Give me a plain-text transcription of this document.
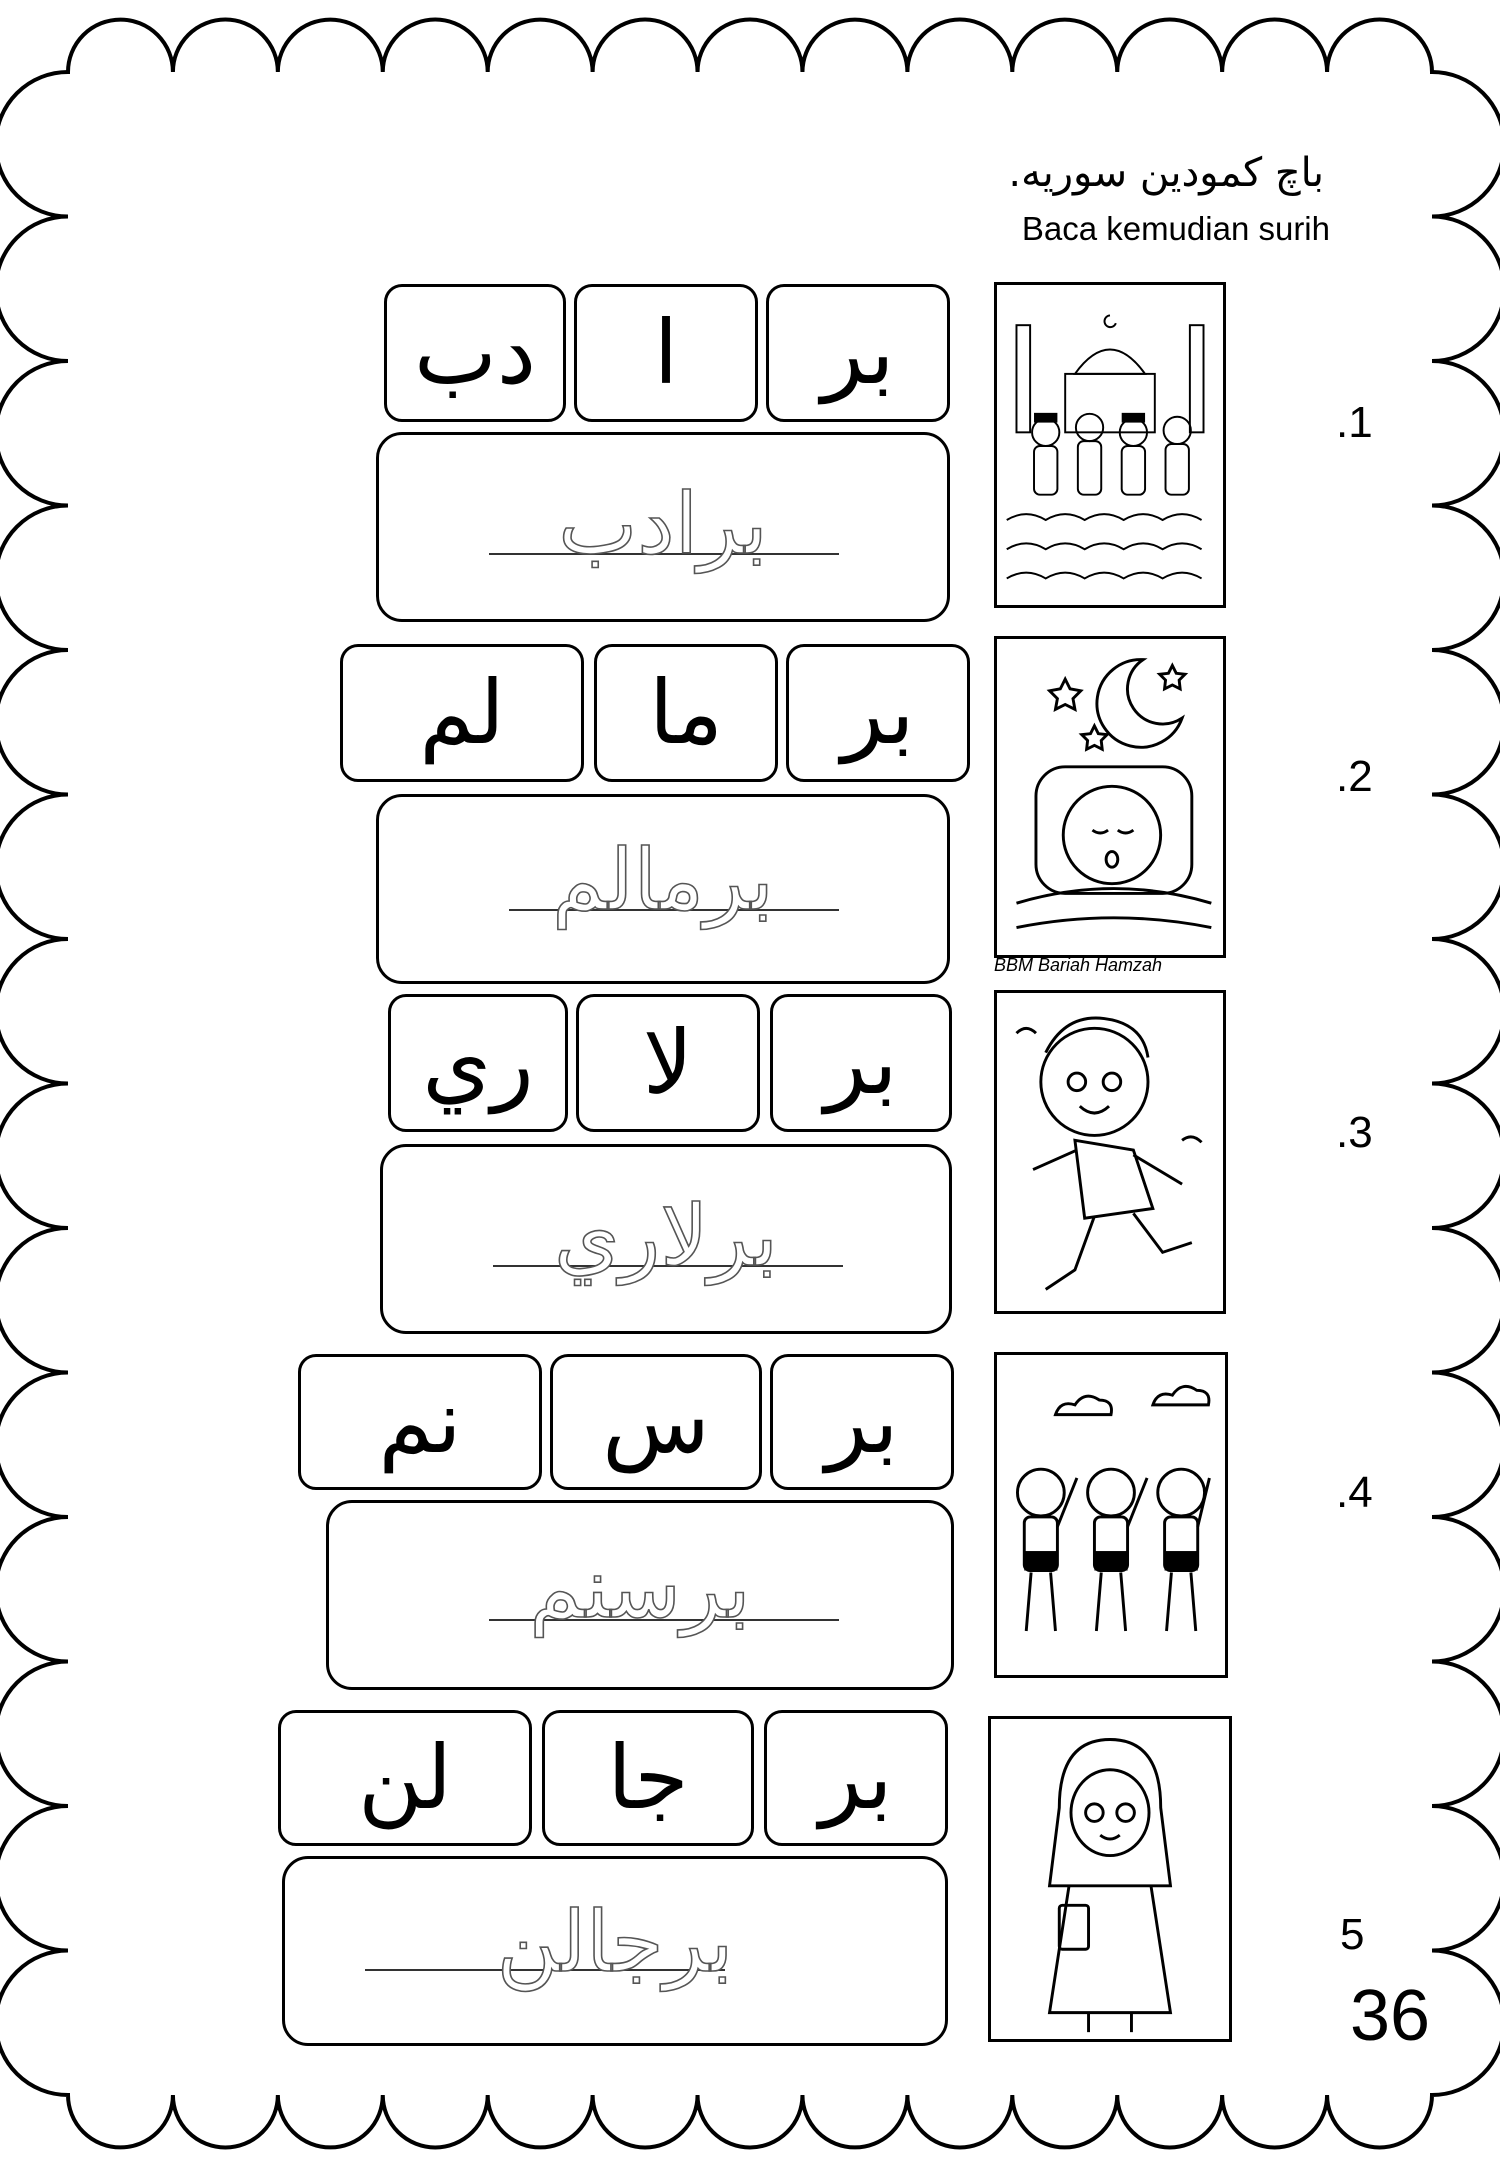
باچ كمودين سوريه.
Baca kemudian surih
بر
ا
دب
برادب
.1
بر
ما
لم
برمالم
.2
BBM Bariah Hamzah
بر
لا
ري
برلاري
.3
بر
س
نم
برسنم
.4
بر
جا
لن
برجالن	5
36
